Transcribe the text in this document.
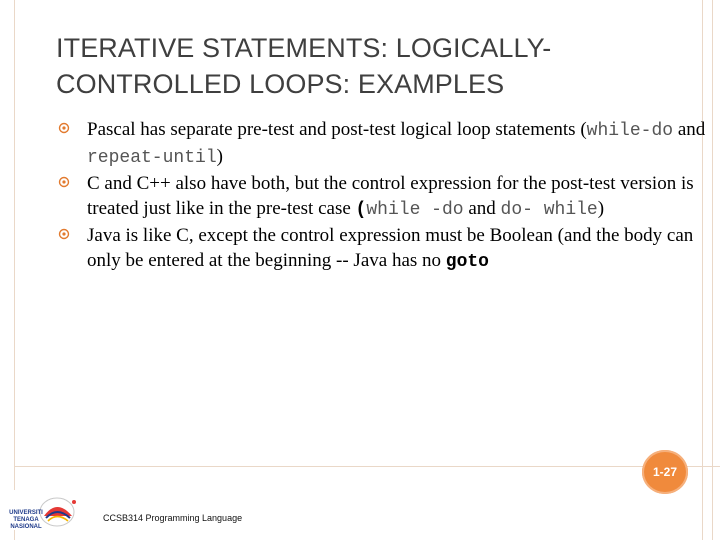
ITERATIVE STATEMENTS: LOGICALLY-CONTROLLED LOOPS: EXAMPLES
Pascal has separate pre-test and post-test logical loop statements (while-do and repeat-until)
C and C++ also have both, but the control expression for the post-test version is treated just like in the pre-test case (while -do and do- while)
Java is like C, except the control expression must be Boolean (and the body can only be entered at the beginning -- Java has no goto
1-27
UNIVERSITI TENAGA NASIONAL
CCSB314 Programming Language
